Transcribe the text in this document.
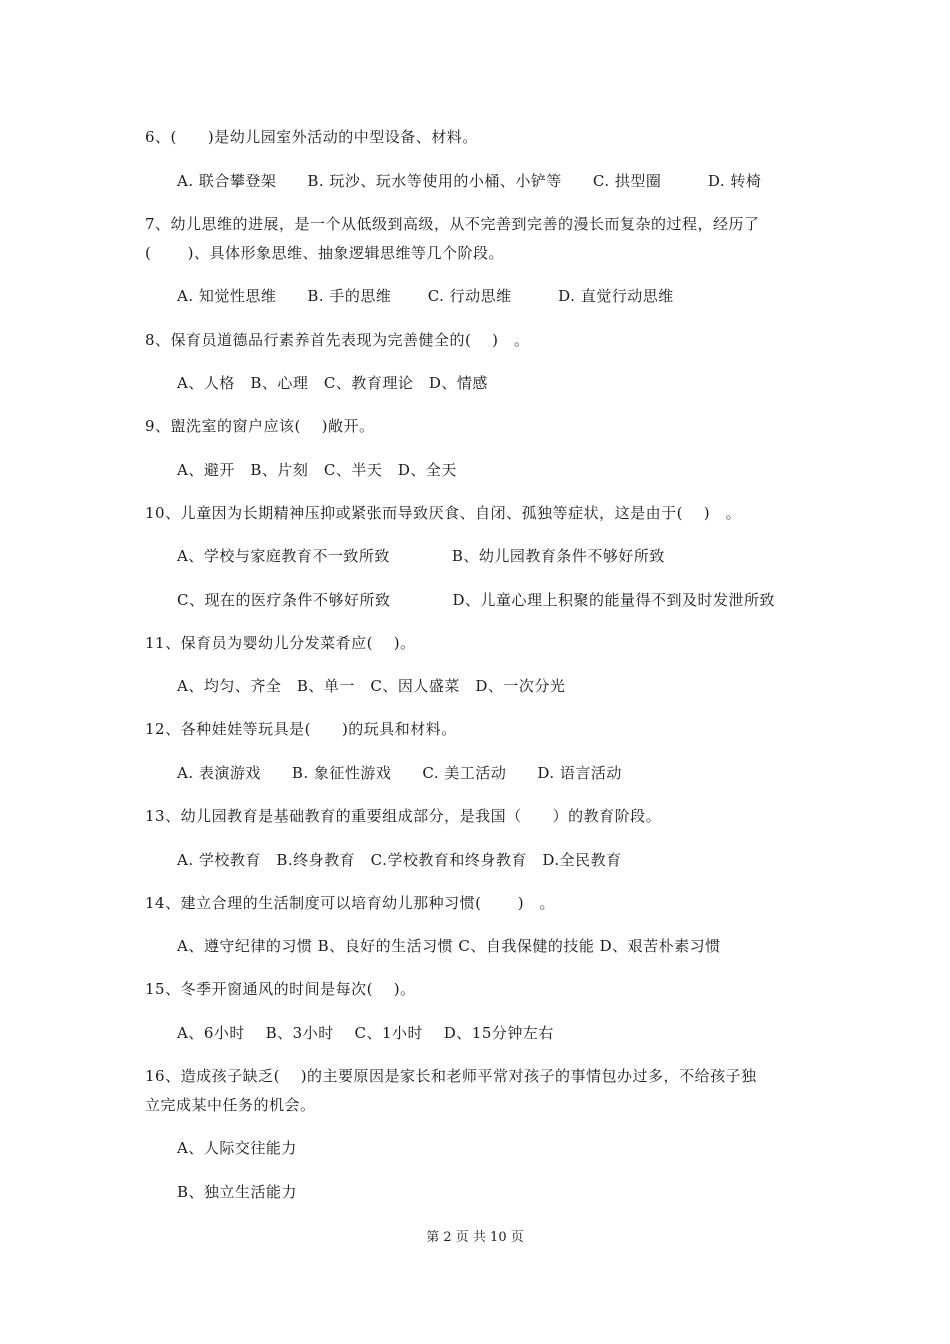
6、(　　)是幼儿园室外活动的中型设备、材料。
A. 联合攀登架　　B. 玩沙、玩水等使用的小桶、小铲等　　C. 拱型圈　　　D. 转椅
7、幼儿思维的进展，是一个从低级到高级，从不完善到完善的漫长而复杂的过程，经历了
(　　 )、具体形象思维、抽象逻辑思维等几个阶段。
A. 知觉性思维　　B. 手的思维　　 C. 行动思维　　　D. 直觉行动思维
8、保育员道德品行素养首先表现为完善健全的(　 )　。
A、人格　B、心理　C、教育理论　D、情感
9、盥洗室的窗户应该(　 )敞开。
A、避开　B、片刻　C、半天　D、全天
10、儿童因为长期精神压抑或紧张而导致厌食、自闭、孤独等症状，这是由于(　 )　。
A、学校与家庭教育不一致所致　　　　B、幼儿园教育条件不够好所致
C、现在的医疗条件不够好所致　　　　D、儿童心理上积聚的能量得不到及时发泄所致
11、保育员为婴幼儿分发菜肴应(　 )。
A、均匀、齐全　B、单一　C、因人盛菜　D、一次分光
12、各种娃娃等玩具是(　　)的玩具和材料。
A. 表演游戏　　B. 象征性游戏　　C. 美工活动　　D. 语言活动
13、幼儿园教育是基础教育的重要组成部分，是我国（　　）的教育阶段。
A. 学校教育　B.终身教育　C.学校教育和终身教育　D.全民教育
14、建立合理的生活制度可以培育幼儿那种习惯(　　 )　。
A、遵守纪律的习惯 B、良好的生活习惯 C、自我保健的技能 D、艰苦朴素习惯
15、冬季开窗通风的时间是每次(　 )。
A、6小时　 B、3小时　 C、1小时　 D、15分钟左右
16、造成孩子缺乏(　 )的主要原因是家长和老师平常对孩子的事情包办过多，不给孩子独
立完成某中任务的机会。
A、人际交往能力
B、独立生活能力
第 2 页 共 10 页
